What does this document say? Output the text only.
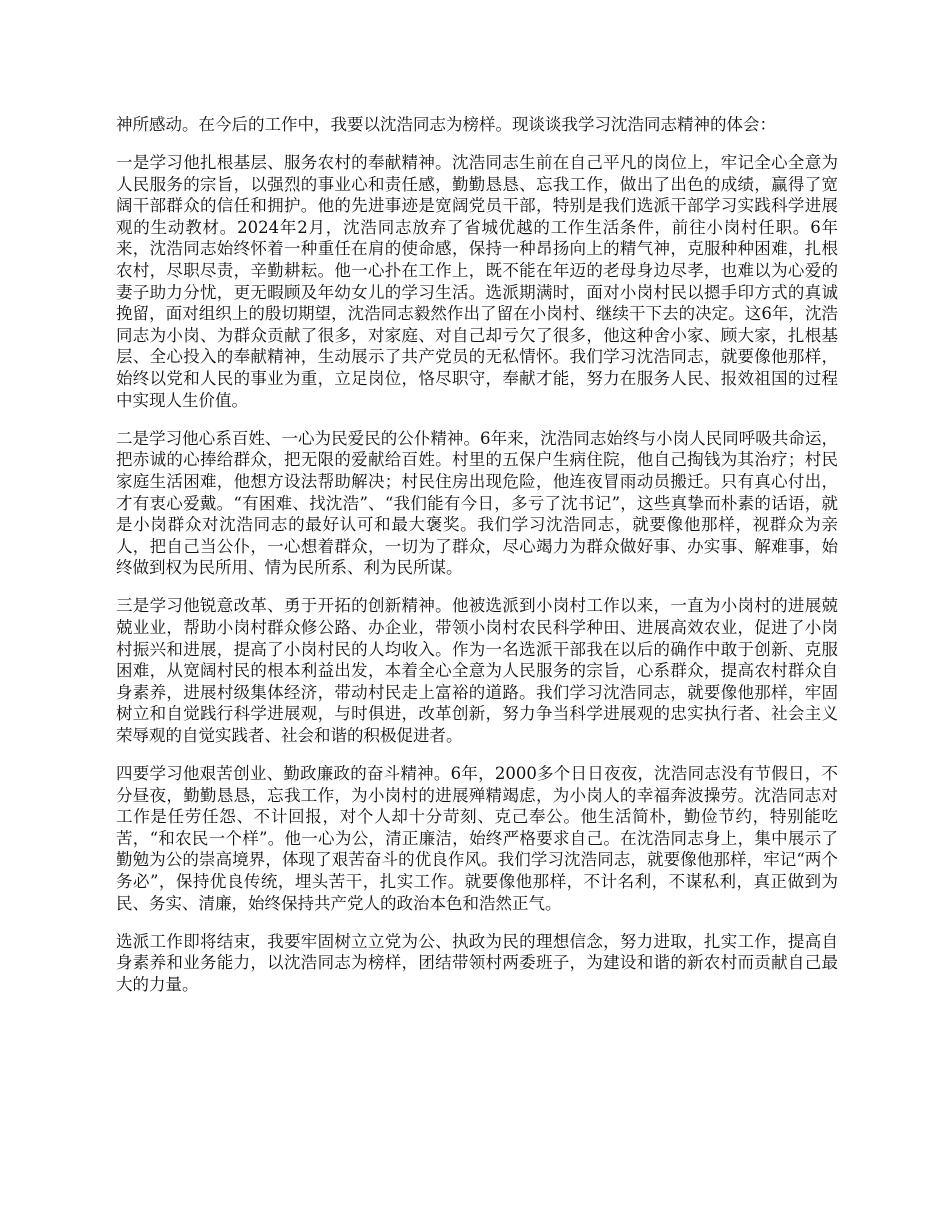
神所感动。在今后的工作中，我要以沈浩同志为榜样。现谈谈我学习沈浩同志精神的体会：

一是学习他扎根基层、服务农村的奉献精神。沈浩同志生前在自己平凡的岗位上，牢记全心全意为人民服务的宗旨，以强烈的事业心和责任感，勤勤恳恳、忘我工作，做出了出色的成绩，赢得了宽阔干部群众的信任和拥护。他的先进事迹是宽阔党员干部，特别是我们选派干部学习实践科学进展观的生动教材。2024年2月，沈浩同志放弃了省城优越的工作生活条件，前往小岗村任职。6年来，沈浩同志始终怀着一种重任在肩的使命感，保持一种昂扬向上的精气神，克服种种困难，扎根农村，尽职尽责，辛勤耕耘。他一心扑在工作上，既不能在年迈的老母身边尽孝，也难以为心爱的妻子助力分忧，更无暇顾及年幼女儿的学习生活。选派期满时，面对小岗村民以摁手印方式的真诚挽留，面对组织上的殷切期望，沈浩同志毅然作出了留在小岗村、继续干下去的决定。这6年，沈浩同志为小岗、为群众贡献了很多，对家庭、对自己却亏欠了很多，他这种舍小家、顾大家，扎根基层、全心投入的奉献精神，生动展示了共产党员的无私情怀。我们学习沈浩同志，就要像他那样，始终以党和人民的事业为重，立足岗位，恪尽职守，奉献才能，努力在服务人民、报效祖国的过程中实现人生价值。

二是学习他心系百姓、一心为民爱民的公仆精神。6年来，沈浩同志始终与小岗人民同呼吸共命运，把赤诚的心捧给群众，把无限的爱献给百姓。村里的五保户生病住院，他自己掏钱为其治疗；村民家庭生活困难，他想方设法帮助解决；村民住房出现危险，他连夜冒雨动员搬迁。只有真心付出，才有衷心爱戴。“有困难、找沈浩”、“我们能有今日，多亏了沈书记”，这些真挚而朴素的话语，就是小岗群众对沈浩同志的最好认可和最大褒奖。我们学习沈浩同志，就要像他那样，视群众为亲人，把自己当公仆，一心想着群众，一切为了群众，尽心竭力为群众做好事、办实事、解难事，始终做到权为民所用、情为民所系、利为民所谋。

三是学习他锐意改革、勇于开拓的创新精神。他被选派到小岗村工作以来，一直为小岗村的进展兢兢业业，帮助小岗村群众修公路、办企业，带领小岗村农民科学种田、进展高效农业，促进了小岗村振兴和进展，提高了小岗村民的人均收入。作为一名选派干部我在以后的确作中敢于创新、克服困难，从宽阔村民的根本利益出发，本着全心全意为人民服务的宗旨，心系群众，提高农村群众自身素养，进展村级集体经济，带动村民走上富裕的道路。我们学习沈浩同志，就要像他那样，牢固树立和自觉践行科学进展观，与时俱进，改革创新，努力争当科学进展观的忠实执行者、社会主义荣辱观的自觉实践者、社会和谐的积极促进者。

四要学习他艰苦创业、勤政廉政的奋斗精神。6年，2000多个日日夜夜，沈浩同志没有节假日，不分昼夜，勤勤恳恳，忘我工作，为小岗村的进展殚精竭虑，为小岗人的幸福奔波操劳。沈浩同志对工作是任劳任怨、不计回报，对个人却十分苛刻、克己奉公。他生活简朴，勤俭节约，特别能吃苦，“和农民一个样”。他一心为公，清正廉洁，始终严格要求自己。在沈浩同志身上，集中展示了勤勉为公的崇高境界，体现了艰苦奋斗的优良作风。我们学习沈浩同志，就要像他那样，牢记“两个务必”，保持优良传统，埋头苦干，扎实工作。就要像他那样，不计名利，不谋私利，真正做到为民、务实、清廉，始终保持共产党人的政治本色和浩然正气。

选派工作即将结束，我要牢固树立立党为公、执政为民的理想信念，努力进取，扎实工作，提高自身素养和业务能力，以沈浩同志为榜样，团结带领村两委班子，为建设和谐的新农村而贡献自己最大的力量。
